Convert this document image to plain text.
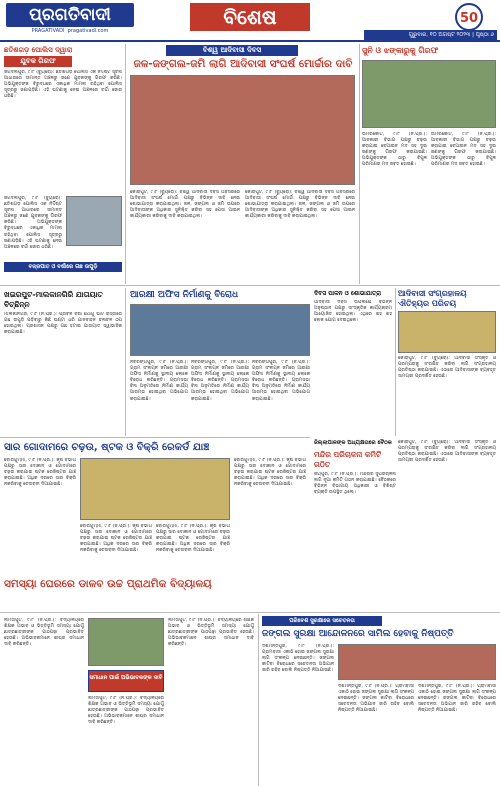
ପ୍ରଗତିବାଦୀ
PRAGATIVADI pragativadi.com
ବିଶେଷ	50
ଗୁରୁବାର, ୧୦ ଅଗଷ୍ଟ ୨୦୨୩ | ପୃଷ୍ଠା ୬
ଛତିଶଗଡ଼ ପୋଲିସ ଦ୍ୱାରା
ଯୁବକ ଗିରଫ
ଜଗଦଲପୁର, ୯।୮ (ବ୍ୟୁରୋ): ଛତିଶଗଡ଼ ପୋଲିସ ଏକ ନିର୍ଦ୍ଦିଷ୍ଟ ସୂଚନା ଆଧାରରେ ସୀମାନ୍ତ ଅଞ୍ଚଳରୁ ଜଣେ ଯୁବକଙ୍କୁ ଗିରଫ କରିଛି। ଅଭିଯୁକ୍ତଙ୍କ ବିରୁଦ୍ଧରେ ଏକାଧିକ ମାମଲା ରହିଥିବା ପୋଲିସ ସୂତ୍ରରୁ ଜଣାପଡ଼ିଛି। ଏହି ଘଟଣାକୁ ନେଇ ଅଞ୍ଚଳରେ ଚର୍ଚ୍ଚା ଜୋର ଧରିଛି।
ଜଗଦଲପୁର, ୯।୮ (ବ୍ୟୁରୋ): ଛତିଶଗଡ଼ ପୋଲିସ ଏକ ନିର୍ଦ୍ଦିଷ୍ଟ ସୂଚନା ଆଧାରରେ ସୀମାନ୍ତ ଅଞ୍ଚଳରୁ ଜଣେ ଯୁବକଙ୍କୁ ଗିରଫ କରିଛି। ଅଭିଯୁକ୍ତଙ୍କ ବିରୁଦ୍ଧରେ ଏକାଧିକ ମାମଲା ରହିଥିବା ପୋଲିସ ସୂତ୍ରରୁ ଜଣାପଡ଼ିଛି। ଏହି ଘଟଣାକୁ ନେଇ ଅଞ୍ଚଳରେ ଚର୍ଚ୍ଚା ଜୋର ଧରିଛି।
ବିଶ୍ୱ ଆଦିବାସୀ ଦିବସ
ଜଳ-ଜଙ୍ଗଲ-ଜମି ଲାଗି ଆଦିବାସୀ ସଂଘର୍ଷ ମୋର୍ଚ୍ଚାର ଦାବି
କୋରାପୁଟ, ୯।୮ (ବ୍ୟୁରୋ): ବିଶ୍ୱ ଆଦିବାସୀ ଦିବସ ଅବସରରେ ଆଦିବାସୀ ସଂଘର୍ଷ ମୋର୍ଚ୍ଚା ପକ୍ଷରୁ ବିଭିନ୍ନ ଦାବି ନେଇ ଶୋଭାଯାତ୍ରା କରାଯାଇଥିଲା। ଜଳ, ଜଙ୍ଗଲ ଓ ଜମି ଉପରେ ଆଦିବାସୀଙ୍କ ଅଧିକାର ସୁନିଶ୍ଚିତ କରିବା ସହ ପେସା ଆଇନ କାର୍ଯ୍ୟକାରୀ କରିବାକୁ ଦାବି କରାଯାଇଥିଲା।
କୋରାପୁଟ, ୯।୮ (ବ୍ୟୁରୋ): ବିଶ୍ୱ ଆଦିବାସୀ ଦିବସ ଅବସରରେ ଆଦିବାସୀ ସଂଘର୍ଷ ମୋର୍ଚ୍ଚା ପକ୍ଷରୁ ବିଭିନ୍ନ ଦାବି ନେଇ ଶୋଭାଯାତ୍ରା କରାଯାଇଥିଲା। ଜଳ, ଜଙ୍ଗଲ ଓ ଜମି ଉପରେ ଆଦିବାସୀଙ୍କ ଅଧିକାର ସୁନିଶ୍ଚିତ କରିବା ସହ ପେସା ଆଇନ କାର୍ଯ୍ୟକାରୀ କରିବାକୁ ଦାବି କରାଯାଇଥିଲା।
ସୁନି ଓ ଝଙ୍କାରୁକୁ ଗିରଫ
ଉମରକୋଟ, ୯।୮ (ନି.ପ୍ର.): ଆବକାରୀ ବିଭାଗ ପକ୍ଷରୁ ଚଢ଼ଉ କରାଯାଇ ବେଆଇନ ମଦ ସହ ଦୁଇ ଜଣଙ୍କୁ ଗିରଫ କରାଯାଇଛି। ଅଭିଯୁକ୍ତଙ୍କ ଠାରୁ ବିପୁଳ ପରିମାଣର ମଦ ଜବତ ହୋଇଛି।
ଉମରକୋଟ, ୯।୮ (ନି.ପ୍ର.): ଆବକାରୀ ବିଭାଗ ପକ୍ଷରୁ ଚଢ଼ଉ କରାଯାଇ ବେଆଇନ ମଦ ସହ ଦୁଇ ଜଣଙ୍କୁ ଗିରଫ କରାଯାଇଛି। ଅଭିଯୁକ୍ତଙ୍କ ଠାରୁ ବିପୁଳ ପରିମାଣର ମଦ ଜବତ ହୋଇଛି।
ବଜ୍ରପାତ ଓ ବର୍ଷାରେ ଗଛ ଉପୁଡ଼ି
ଖଇରପୁଟ-ମାଲକାନଗିରି ଯାତାୟାତ ବିଚ୍ଛିନ୍ନ
ମାଲକାନଗିରି, ୯।୮ (ନି.ପ୍ର.): ପ୍ରବଳ ବର୍ଷା ଯୋଗୁଁ ଘାଟି ରାସ୍ତାରେ ଗଛ ଉପୁଡ଼ି ପଡ଼ିବାରୁ କିଛି ଘଣ୍ଟା ଧରି ଯାନବାହନ ଚଳାଚଳ ଠପ୍ ହୋଇଥିଲା। ପ୍ରଶାସନ ପକ୍ଷରୁ ଗଛ ହଟାଇ ଯାତାୟାତ ସ୍ୱାଭାବିକ କରାଯାଇଛି।
ଆରକ୍ଷୀ ଅଫିସ ନିର୍ମାଣକୁ ବିରୋଧ
ନବରଙ୍ଗପୁର, ୯।୮ (ନି.ପ୍ର.): ଗ୍ରାମ ସଂଲଗ୍ନ ଜମିରେ ଆରକ୍ଷୀ ଅଫିସ ନିର୍ମାଣକୁ ସ୍ଥାନୀୟ ଲୋକେ ବିରୋଧ କରିଛନ୍ତି। ଗ୍ରାମସଭା ବିନା ଅନୁମତିରେ ନିର୍ମାଣ କାର୍ଯ୍ୟ ଆରମ୍ଭ ହୋଇଥିବା ଅଭିଯୋଗ କରାଯାଇଛି।
ନବରଙ୍ଗପୁର, ୯।୮ (ନି.ପ୍ର.): ଗ୍ରାମ ସଂଲଗ୍ନ ଜମିରେ ଆରକ୍ଷୀ ଅଫିସ ନିର୍ମାଣକୁ ସ୍ଥାନୀୟ ଲୋକେ ବିରୋଧ କରିଛନ୍ତି। ଗ୍ରାମସଭା ବିନା ଅନୁମତିରେ ନିର୍ମାଣ କାର୍ଯ୍ୟ ଆରମ୍ଭ ହୋଇଥିବା ଅଭିଯୋଗ କରାଯାଇଛି।
ନବରଙ୍ଗପୁର, ୯।୮ (ନି.ପ୍ର.): ଗ୍ରାମ ସଂଲଗ୍ନ ଜମିରେ ଆରକ୍ଷୀ ଅଫିସ ନିର୍ମାଣକୁ ସ୍ଥାନୀୟ ଲୋକେ ବିରୋଧ କରିଛନ୍ତି। ଗ୍ରାମସଭା ବିନା ଅନୁମତିରେ ନିର୍ମାଣ କାର୍ଯ୍ୟ ଆରମ୍ଭ ହୋଇଥିବା ଅଭିଯୋଗ କରାଯାଇଛି।
ଦିବସ ପାଳନ ଓ ଶୋଭାଯାତ୍ରା
ଆଦିବାସୀ ଦିବସ ଉପଲକ୍ଷେ ବିଭିନ୍ନ ଅନୁଷ୍ଠାନ ପକ୍ଷରୁ ସାଂସ୍କୃତିକ କାର୍ଯ୍ୟକ୍ରମ ଆୟୋଜିତ ହୋଇଥିଲା। ଏଥିରେ ଶହ ଶହ ଲୋକ ଯୋଗ ଦେଇଥିଲେ।
ଆଦିବାସୀ ସଂଗ୍ରହାଳୟ ଐତିହ୍ୟର ପରିଚୟ
କୋରାପୁଟ, ୯।୮ (ବ୍ୟୁରୋ): ଆଦିବାସୀ ସଂସ୍କୃତି ଓ ପରମ୍ପରାକୁ ସଂରକ୍ଷିତ କରିବା ଲାଗି ସଂଗ୍ରହାଳୟ ପ୍ରତିଷ୍ଠା କରାଯାଇଛି। ଏଠାରେ ଆଦିବାସୀଙ୍କ ବ୍ୟବହୃତ ସାମଗ୍ରୀ ପ୍ରଦର୍ଶିତ ହେଉଛି।
ଜିଲ୍ଲାପାଳଙ୍କ ଅଧ୍ୟକ୍ଷତାରେ ବୈଠକ
ମନ୍ଦିର ପରିଚାଳନା କମିଟି ଗଠିତ
ଜୟପୁର, ୯।୮ (ନି.ପ୍ର.): ମନ୍ଦିରର ସୁପରିଚାଳନା ଲାଗି ନୂଆ କମିଟି ଗଠନ କରାଯାଇଛି। ବୈଠକରେ ବିଭିନ୍ନ ବିଭାଗୀୟ ଅଧିକାରୀ ଓ ବିଶିଷ୍ଟ ବ୍ୟକ୍ତି ଉପସ୍ଥିତ ଥିଲେ।
କୋରାପୁଟ, ୯।୮ (ବ୍ୟୁରୋ): ଆଦିବାସୀ ସଂସ୍କୃତି ଓ ପରମ୍ପରାକୁ ସଂରକ୍ଷିତ କରିବା ଲାଗି ସଂଗ୍ରହାଳୟ ପ୍ରତିଷ୍ଠା କରାଯାଇଛି। ଏଠାରେ ଆଦିବାସୀଙ୍କ ବ୍ୟବହୃତ ସାମଗ୍ରୀ ପ୍ରଦର୍ଶିତ ହେଉଛି।
ସାର ଗୋଦାମରେ ଚଢ଼ଉ, ଷ୍ଟକ ଓ ବିକ୍ରି ରେକର୍ଡ ଯାଞ୍ଚ
ବୋରିଗୁମ୍ମା, ୯।୮ (ନି.ପ୍ର.): କୃଷି ବିଭାଗ ପକ୍ଷରୁ ସାର ଦୋକାନ ଓ ଗୋଦାମରେ ଚଢ଼ଉ କରାଯାଇ ଷ୍ଟକ ରେଜିଷ୍ଟର ଯାଞ୍ଚ କରାଯାଇଛି। ଅଧିକ ଦରରେ ସାର ବିକ୍ରି ନକରିବାକୁ ଚେତାବନୀ ଦିଆଯାଇଛି।
ବୋରିଗୁମ୍ମା, ୯।୮ (ନି.ପ୍ର.): କୃଷି ବିଭାଗ ପକ୍ଷରୁ ସାର ଦୋକାନ ଓ ଗୋଦାମରେ ଚଢ଼ଉ କରାଯାଇ ଷ୍ଟକ ରେଜିଷ୍ଟର ଯାଞ୍ଚ କରାଯାଇଛି। ଅଧିକ ଦରରେ ସାର ବିକ୍ରି ନକରିବାକୁ ଚେତାବନୀ ଦିଆଯାଇଛି।
ବୋରିଗୁମ୍ମା, ୯।୮ (ନି.ପ୍ର.): କୃଷି ବିଭାଗ ପକ୍ଷରୁ ସାର ଦୋକାନ ଓ ଗୋଦାମରେ ଚଢ଼ଉ କରାଯାଇ ଷ୍ଟକ ରେଜିଷ୍ଟର ଯାଞ୍ଚ କରାଯାଇଛି। ଅଧିକ ଦରରେ ସାର ବିକ୍ରି ନକରିବାକୁ ଚେତାବନୀ ଦିଆଯାଇଛି।
ବୋରିଗୁମ୍ମା, ୯।୮ (ନି.ପ୍ର.): କୃଷି ବିଭାଗ ପକ୍ଷରୁ ସାର ଦୋକାନ ଓ ଗୋଦାମରେ ଚଢ଼ଉ କରାଯାଇ ଷ୍ଟକ ରେଜିଷ୍ଟର ଯାଞ୍ଚ କରାଯାଇଛି। ଅଧିକ ଦରରେ ସାର ବିକ୍ରି ନକରିବାକୁ ଚେତାବନୀ ଦିଆଯାଇଛି।
ପରିବେଶ ସୁରକ୍ଷାରେ ସଚେତନତା
ଜଙ୍ଗଲ ସୁରକ୍ଷା ଆନ୍ଦୋଳନରେ ସାମିଲ ହେବାକୁ ନିଷ୍ପତ୍ତି
ଦଶମନ୍ତପୁର, ୯।୮ (ନି.ପ୍ର.): ଗ୍ରାମବାସୀ ଏକାଠି ହୋଇ ଜଙ୍ଗଲ ସୁରକ୍ଷା ଲାଗି ସଂକଳ୍ପ ନେଇଛନ୍ତି। ଜଙ୍ଗଲ କାଟିବା ବିରୋଧରେ ସଚେତନତା ଅଭିଯାନ ଜାରି ରହିବ ବୋଲି ନିଷ୍ପତ୍ତି ନିଆଯାଇଛି।
ଦଶମନ୍ତପୁର, ୯।୮ (ନି.ପ୍ର.): ଗ୍ରାମବାସୀ ଏକାଠି ହୋଇ ଜଙ୍ଗଲ ସୁରକ୍ଷା ଲାଗି ସଂକଳ୍ପ ନେଇଛନ୍ତି। ଜଙ୍ଗଲ କାଟିବା ବିରୋଧରେ ସଚେତନତା ଅଭିଯାନ ଜାରି ରହିବ ବୋଲି ନିଷ୍ପତ୍ତି ନିଆଯାଇଛି।
ଦଶମନ୍ତପୁର, ୯।୮ (ନି.ପ୍ର.): ଗ୍ରାମବାସୀ ଏକାଠି ହୋଇ ଜଙ୍ଗଲ ସୁରକ୍ଷା ଲାଗି ସଂକଳ୍ପ ନେଇଛନ୍ତି। ଜଙ୍ଗଲ କାଟିବା ବିରୋଧରେ ସଚେତନତା ଅଭିଯାନ ଜାରି ରହିବ ବୋଲି ନିଷ୍ପତ୍ତି ନିଆଯାଇଛି।
ସମସ୍ୟା ଘେରରେ ଡାଳବ ଉଚ୍ଚ ପ୍ରାଥମିକ ବିଦ୍ୟାଳୟ
ଲମତାପୁଟ, ୯।୮ (ନି.ପ୍ର.): ବିଦ୍ୟାଳୟରେ ଶିକ୍ଷକ ଅଭାବ ଓ ଭିତ୍ତିଭୂମି ସମସ୍ୟା ଯୋଗୁଁ ଛାତ୍ରଛାତ୍ରୀଙ୍କ ପାଠପଢ଼ା ପ୍ରଭାବିତ ହେଉଛି। ଅଭିଭାବକମାନେ ଶୀଘ୍ର ସମାଧାନ ଦାବି କରିଛନ୍ତି।
ସମାଧାନ ପାଇଁ ଅଭିଭାବକଙ୍କ ଦାବି
ଲମତାପୁଟ, ୯।୮ (ନି.ପ୍ର.): ବିଦ୍ୟାଳୟରେ ଶିକ୍ଷକ ଅଭାବ ଓ ଭିତ୍ତିଭୂମି ସମସ୍ୟା ଯୋଗୁଁ ଛାତ୍ରଛାତ୍ରୀଙ୍କ ପାଠପଢ଼ା ପ୍ରଭାବିତ ହେଉଛି। ଅଭିଭାବକମାନେ ଶୀଘ୍ର ସମାଧାନ ଦାବି କରିଛନ୍ତି।
ଲମତାପୁଟ, ୯।୮ (ନି.ପ୍ର.): ବିଦ୍ୟାଳୟରେ ଶିକ୍ଷକ ଅଭାବ ଓ ଭିତ୍ତିଭୂମି ସମସ୍ୟା ଯୋଗୁଁ ଛାତ୍ରଛାତ୍ରୀଙ୍କ ପାଠପଢ଼ା ପ୍ରଭାବିତ ହେଉଛି। ଅଭିଭାବକମାନେ ଶୀଘ୍ର ସମାଧାନ ଦାବି କରିଛନ୍ତି।
